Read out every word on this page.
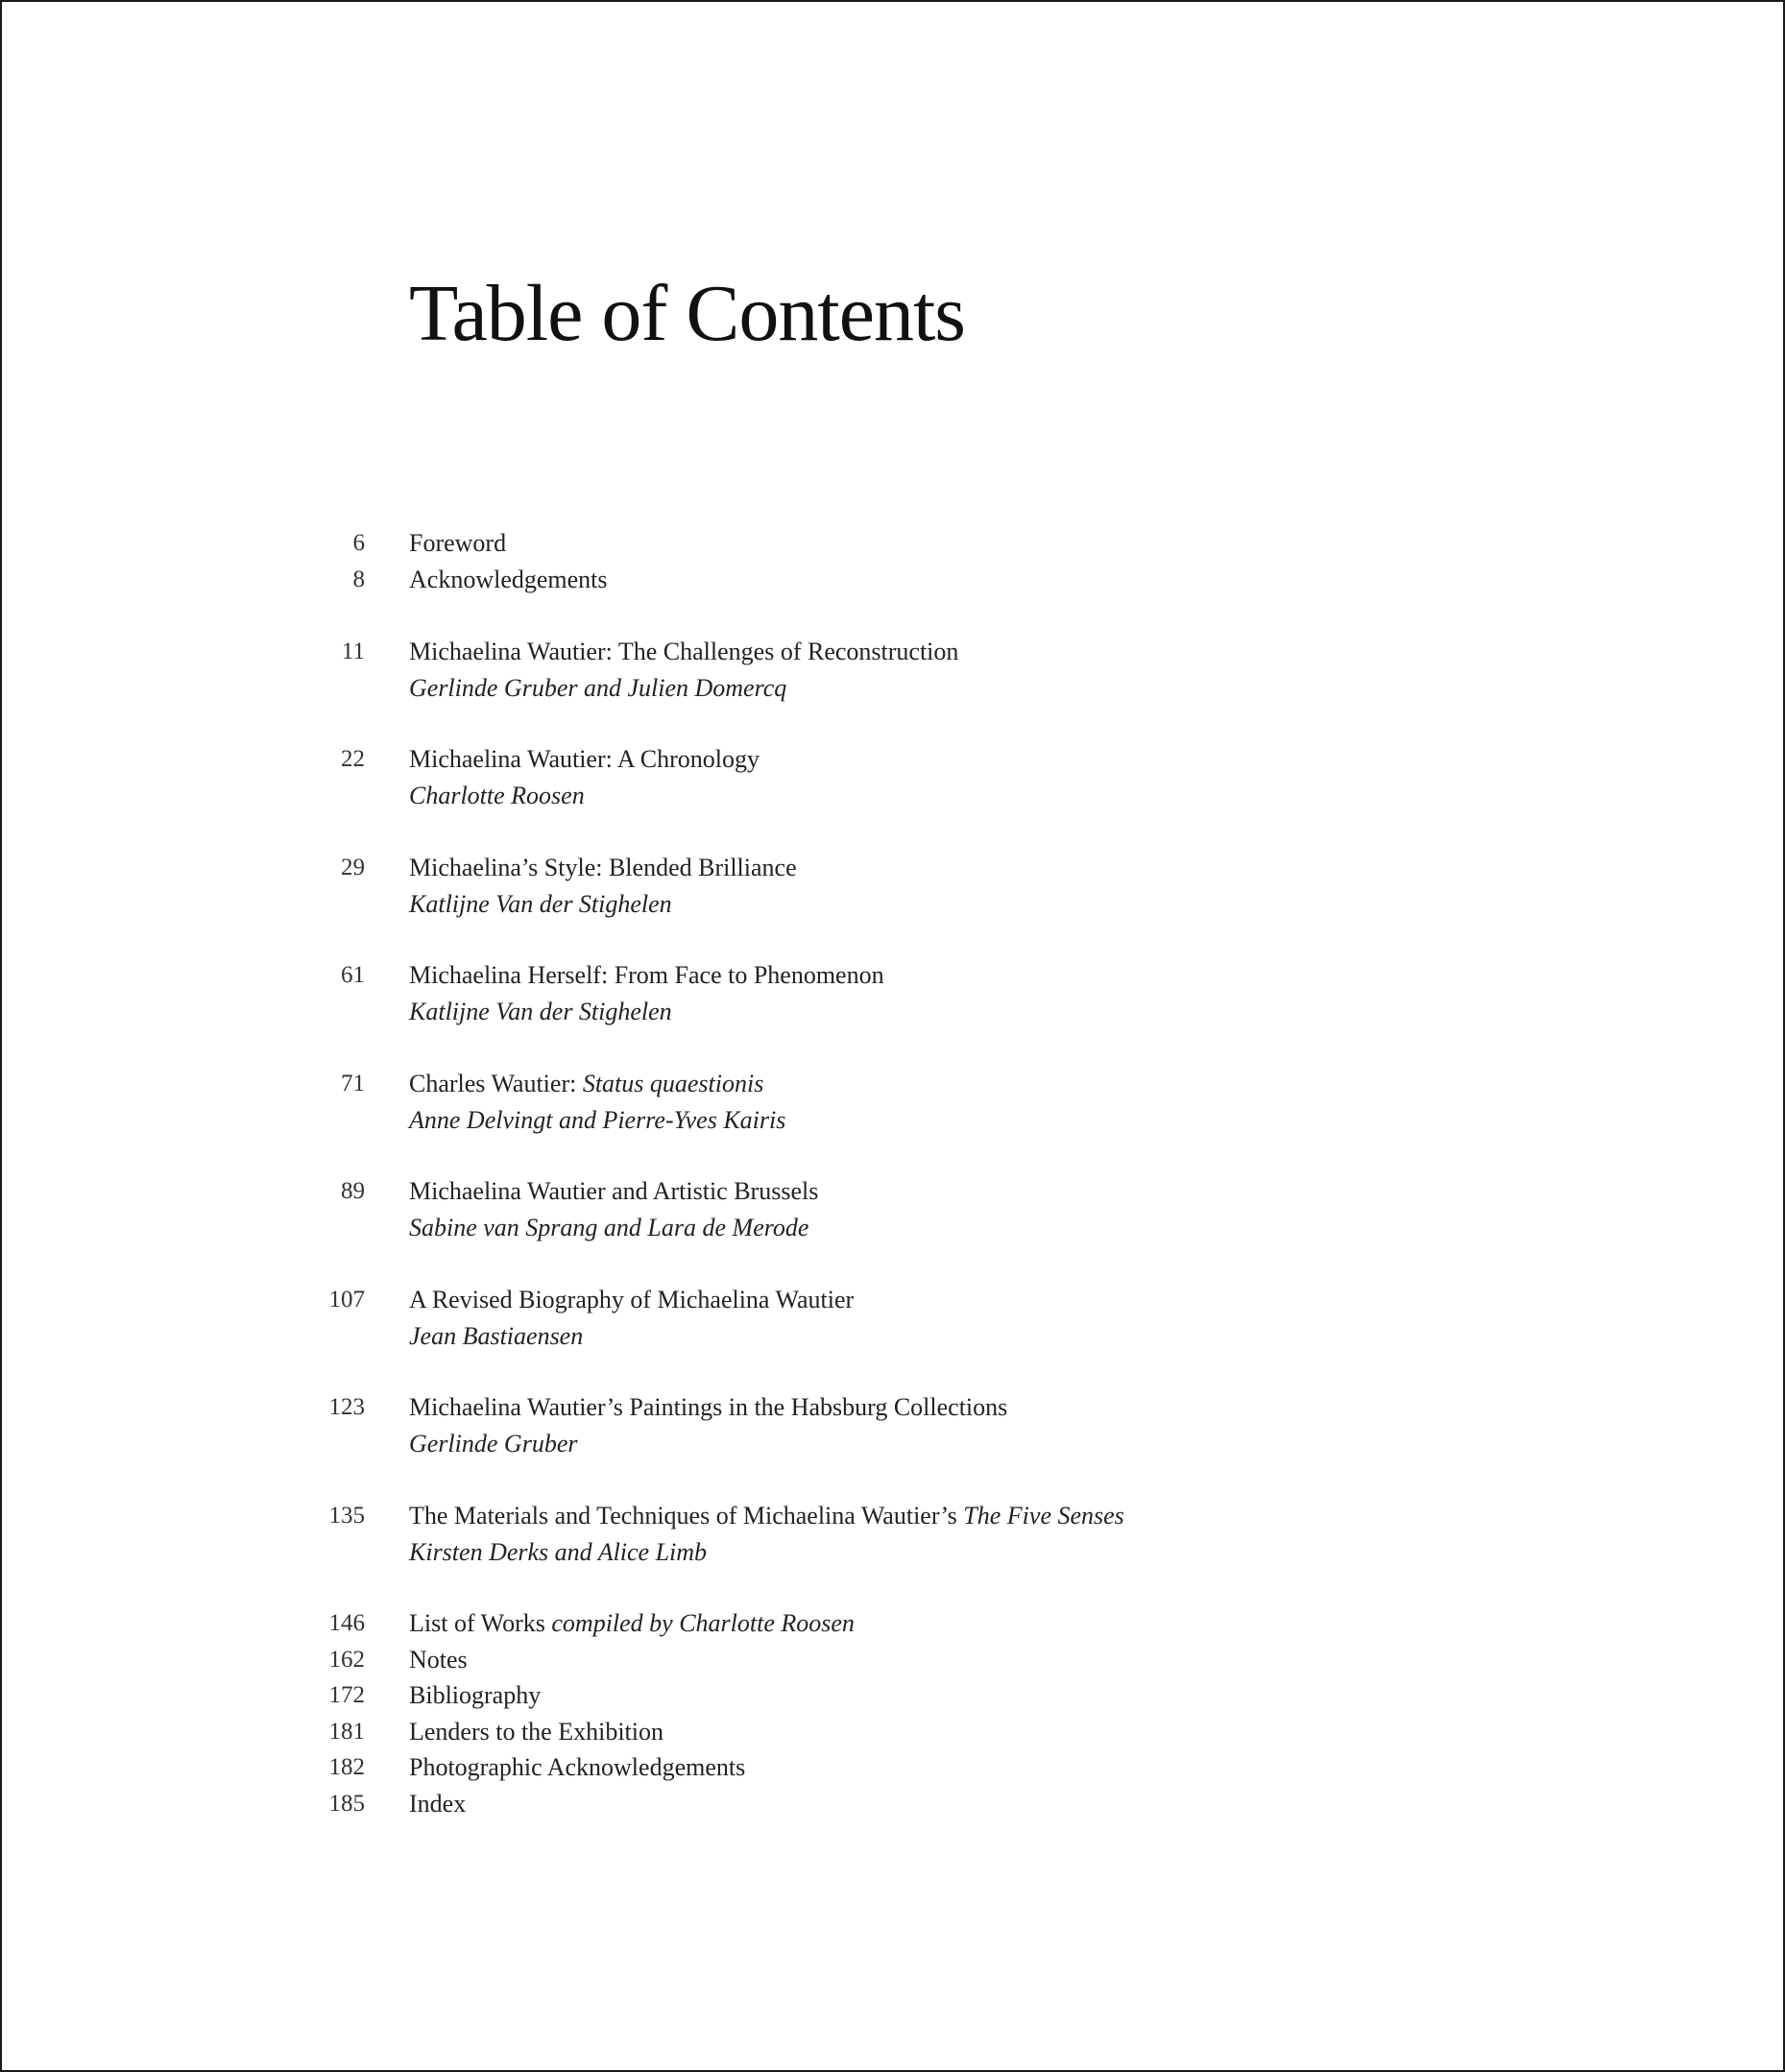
Table of Contents
6 Foreword
8 Acknowledgements
11 Michaelina Wautier: The Challenges of Reconstruction
Gerlinde Gruber and Julien Domercq
22 Michaelina Wautier: A Chronology
Charlotte Roosen
29 Michaelina’s Style: Blended Brilliance
Katlijne Van der Stighelen
61 Michaelina Herself: From Face to Phenomenon
Katlijne Van der Stighelen
71 Charles Wautier: Status quaestionis
Anne Delvingt and Pierre-Yves Kairis
89 Michaelina Wautier and Artistic Brussels
Sabine van Sprang and Lara de Merode
107 A Revised Biography of Michaelina Wautier
Jean Bastiaensen
123 Michaelina Wautier’s Paintings in the Habsburg Collections
Gerlinde Gruber
135 The Materials and Techniques of Michaelina Wautier’s The Five Senses
Kirsten Derks and Alice Limb
146 List of Works compiled by Charlotte Roosen
162 Notes
172 Bibliography
181 Lenders to the Exhibition
182 Photographic Acknowledgements
185 Index
